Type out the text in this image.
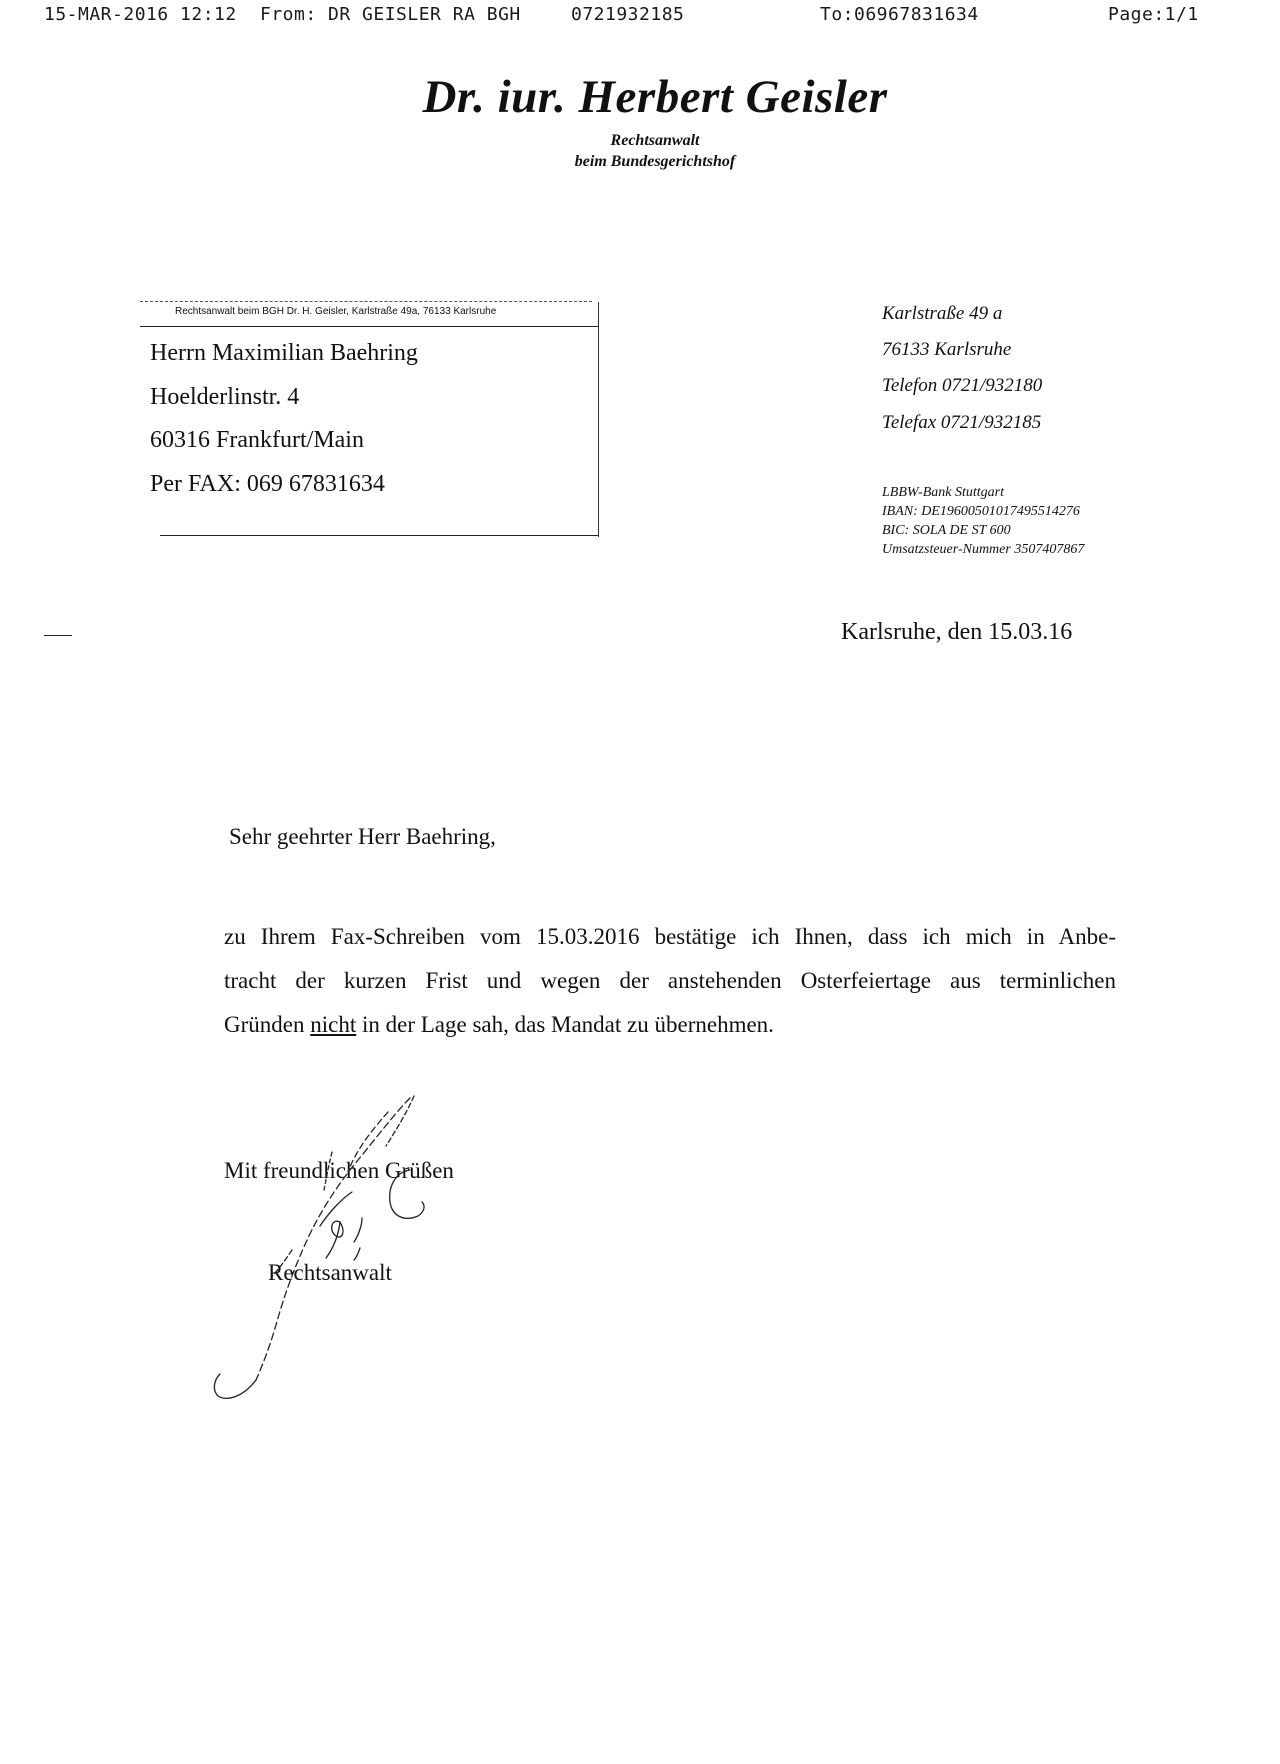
15-MAR-2016 12:12 From: DR GEISLER RA BGH	0721932185	To:06967831634	Page:1/1
Dr. iur. Herbert Geisler
Rechtsanwalt
beim Bundesgerichtshof
Rechtsanwalt beim BGH Dr. H. Geisler, Karlstraße 49a, 76133 Karlsruhe
Herrn Maximilian Baehring
Hoelderlinstr. 4
60316 Frankfurt/Main
Per FAX: 069 67831634
Karlstraße 49 a
76133 Karlsruhe
Telefon 0721/932180
Telefax 0721/932185
LBBW-Bank Stuttgart
IBAN: DE19600501017495514276
BIC: SOLA DE ST 600
Umsatzsteuer-Nummer 3507407867
Karlsruhe, den 15.03.16
Sehr geehrter Herr Baehring,
zu Ihrem Fax-Schreiben vom 15.03.2016 bestätige ich Ihnen, dass ich mich in Anbe-
tracht der kurzen Frist und wegen der anstehenden Osterfeiertage aus terminlichen
Gründen nicht in der Lage sah, das Mandat zu übernehmen.
Mit freundlichen Grüßen
Rechtsanwalt
